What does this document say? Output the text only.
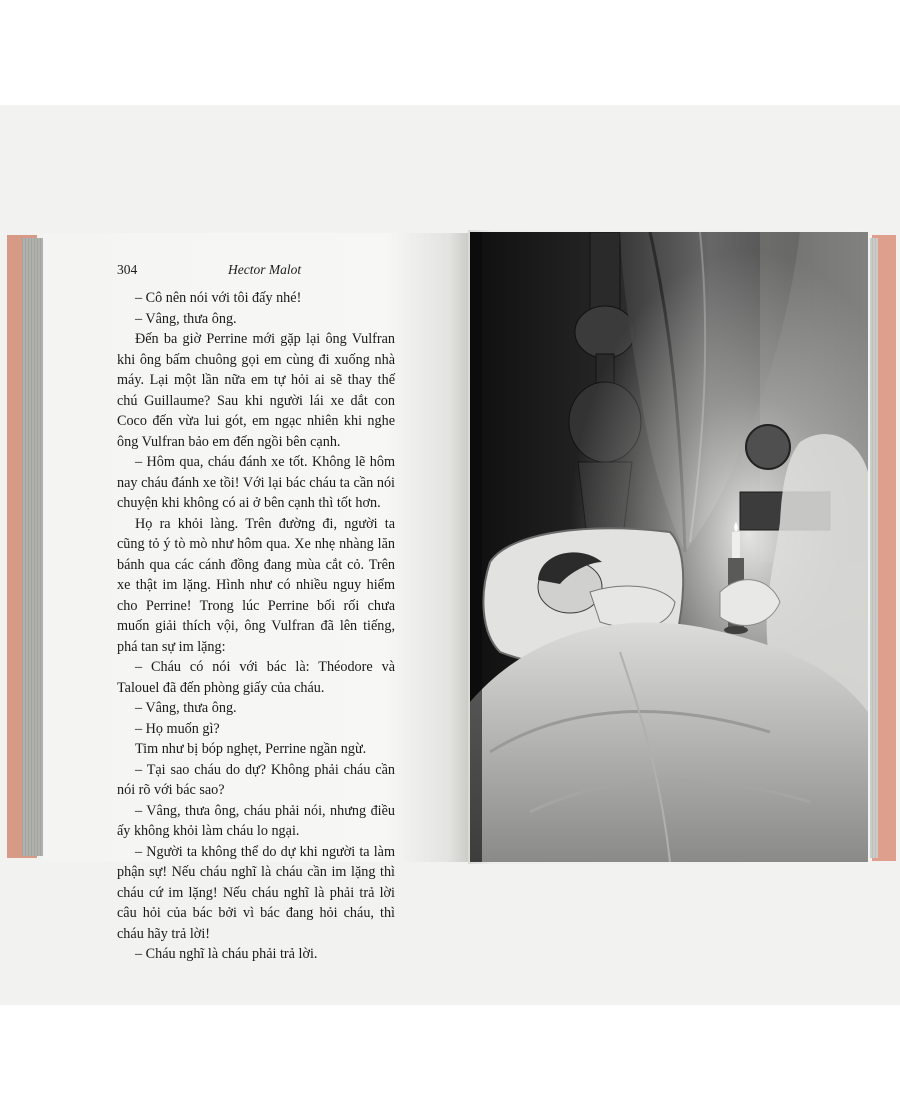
304	Hector Malot

– Cô nên nói với tôi đấy nhé!

– Vâng, thưa ông.

Đến ba giờ Perrine mới gặp lại ông Vulfran khi ông bấm chuông gọi em cùng đi xuống nhà máy. Lại một lần nữa em tự hỏi ai sẽ thay thế chú Guillaume? Sau khi người lái xe dắt con Coco đến vừa lui gót, em ngạc nhiên khi nghe ông Vulfran bảo em đến ngồi bên cạnh.

– Hôm qua, cháu đánh xe tốt. Không lẽ hôm nay cháu đánh xe tồi! Với lại bác cháu ta cần nói chuyện khi không có ai ở bên cạnh thì tốt hơn.

Họ ra khỏi làng. Trên đường đi, người ta cũng tỏ ý tò mò như hôm qua. Xe nhẹ nhàng lăn bánh qua các cánh đồng đang mùa cắt cỏ. Trên xe thật im lặng. Hình như có nhiều nguy hiểm cho Perrine! Trong lúc Perrine bối rối chưa muốn giải thích vội, ông Vulfran đã lên tiếng, phá tan sự im lặng:

– Cháu có nói với bác là: Théodore và Talouel đã đến phòng giấy của cháu.

– Vâng, thưa ông.

– Họ muốn gì?

Tim như bị bóp nghẹt, Perrine ngần ngừ.

– Tại sao cháu do dự? Không phải cháu cần nói rõ với bác sao?

– Vâng, thưa ông, cháu phải nói, nhưng điều ấy không khỏi làm cháu lo ngại.

– Người ta không thể do dự khi người ta làm phận sự! Nếu cháu nghĩ là cháu cần im lặng thì cháu cứ im lặng! Nếu cháu nghĩ là phải trả lời câu hỏi của bác bởi vì bác đang hỏi cháu, thì cháu hãy trả lời!

– Cháu nghĩ là cháu phải trả lời.
